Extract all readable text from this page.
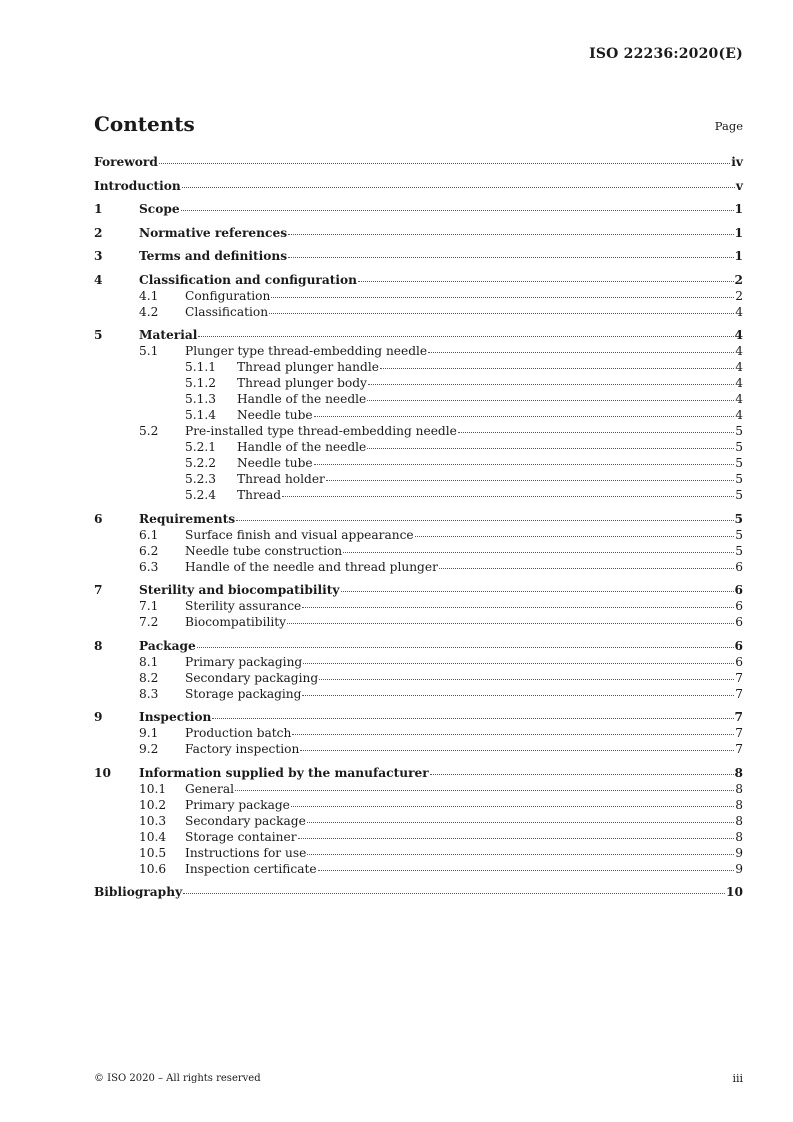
ISO 22236:2020(E)
Contents	Page
Foreword	iv
Introduction	v
1	Scope	1
2	Normative references	1
3	Terms and definitions	1
4	Classification and configuration	2
4.1	Configuration	2
4.2	Classification	4
5	Material	4
5.1	Plunger type thread-embedding needle	4
5.1.1	Thread plunger handle	4
5.1.2	Thread plunger body	4
5.1.3	Handle of the needle	4
5.1.4	Needle tube	4
5.2	Pre-installed type thread-embedding needle	5
5.2.1	Handle of the needle	5
5.2.2	Needle tube	5
5.2.3	Thread holder	5
5.2.4	Thread	5
6	Requirements	5
6.1	Surface finish and visual appearance	5
6.2	Needle tube construction	5
6.3	Handle of the needle and thread plunger	6
7	Sterility and biocompatibility	6
7.1	Sterility assurance	6
7.2	Biocompatibility	6
8	Package	6
8.1	Primary packaging	6
8.2	Secondary packaging	7
8.3	Storage packaging	7
9	Inspection	7
9.1	Production batch	7
9.2	Factory inspection	7
10	Information supplied by the manufacturer	8
10.1	General	8
10.2	Primary package	8
10.3	Secondary package	8
10.4	Storage container	8
10.5	Instructions for use	9
10.6	Inspection certificate	9
Bibliography	10
© ISO 2020 – All rights reserved	iii
